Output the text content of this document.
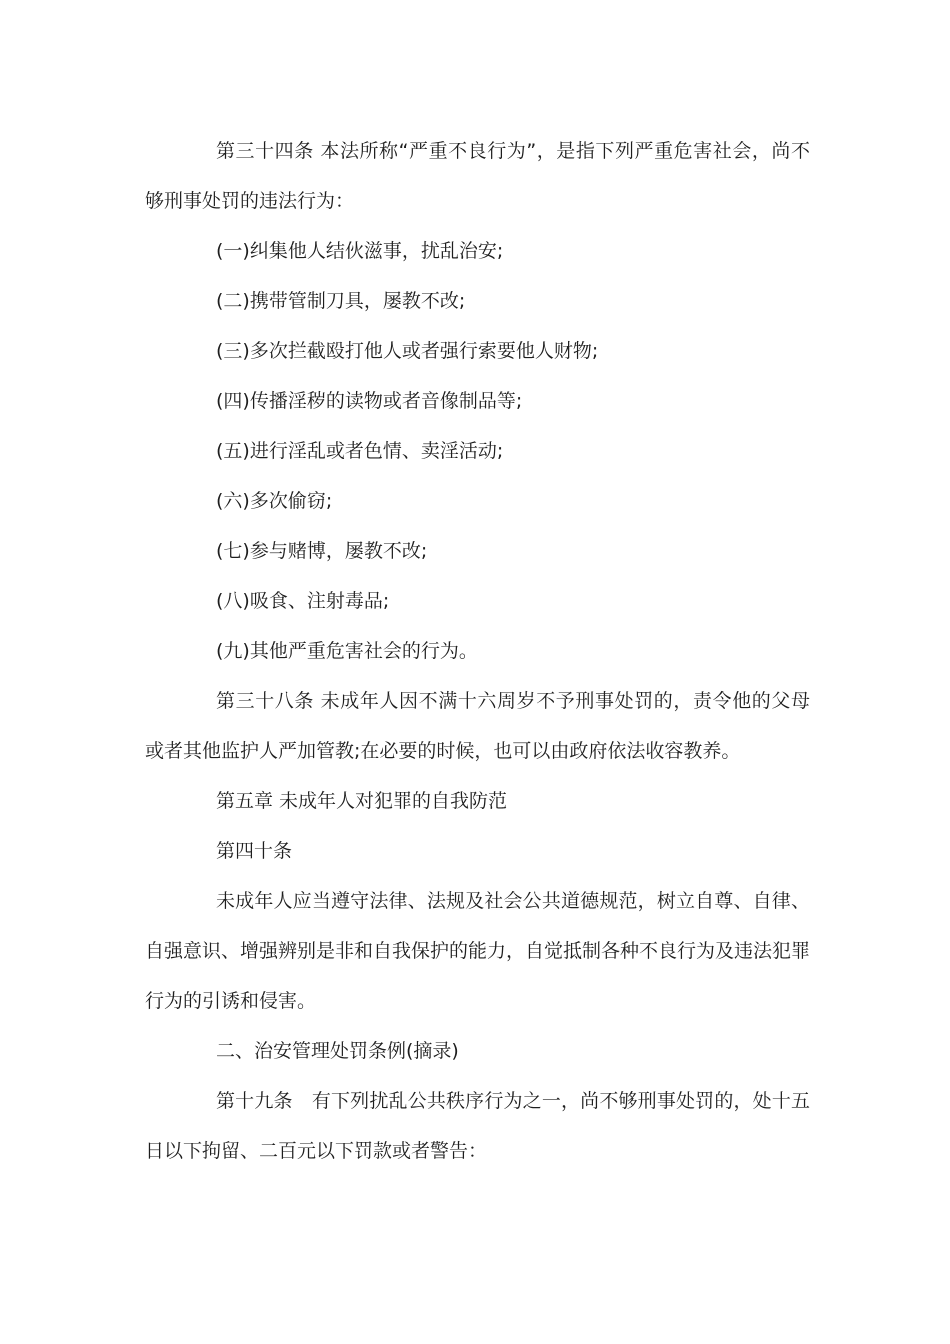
第三十四条 本法所称“严重不良行为”，是指下列严重危害社会，尚不够刑事处罚的违法行为：

(一)纠集他人结伙滋事，扰乱治安;

(二)携带管制刀具，屡教不改;

(三)多次拦截殴打他人或者强行索要他人财物;

(四)传播淫秽的读物或者音像制品等;

(五)进行淫乱或者色情、卖淫活动;

(六)多次偷窃;

(七)参与赌博，屡教不改;

(八)吸食、注射毒品;

(九)其他严重危害社会的行为。

第三十八条 未成年人因不满十六周岁不予刑事处罚的，责令他的父母或者其他监护人严加管教;在必要的时候，也可以由政府依法收容教养。

第五章 未成年人对犯罪的自我防范

第四十条

未成年人应当遵守法律、法规及社会公共道德规范，树立自尊、自律、自强意识、增强辨别是非和自我保护的能力，自觉抵制各种不良行为及违法犯罪行为的引诱和侵害。

二、治安管理处罚条例(摘录)

第十九条　有下列扰乱公共秩序行为之一，尚不够刑事处罚的，处十五日以下拘留、二百元以下罚款或者警告：
